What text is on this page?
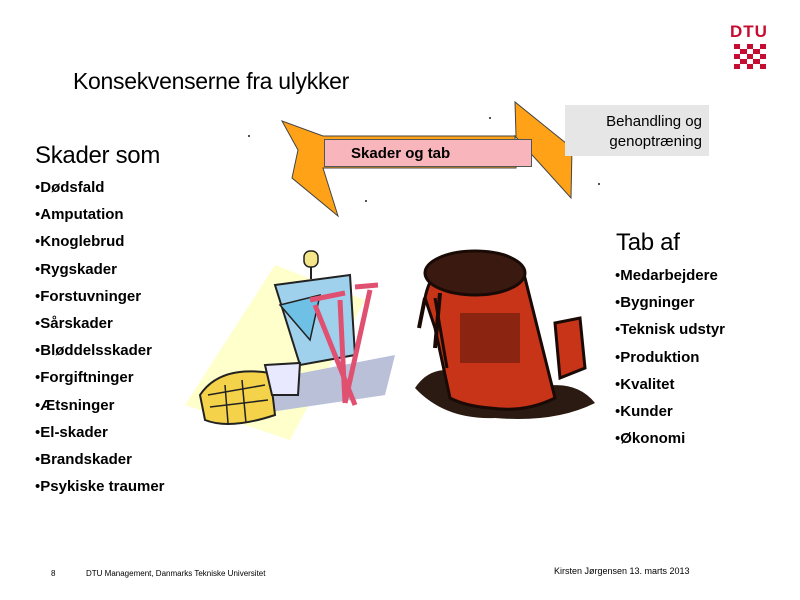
DTU
Konsekvenserne fra ulykker
Skader og tab
Behandling og
genoptræning
Skader som
• Dødsfald
• Amputation
• Knoglebrud
• Rygskader
• Forstuvninger
• Sårskader
• Bløddelsskader
• Forgiftninger
• Ætsninger
• El-skader
• Brandskader
• Psykiske traumer
Tab af
• Medarbejdere
• Bygninger
• Teknisk udstyr
• Produktion
• Kvalitet
• Kunder
• Økonomi
8	DTU Management, Danmarks Tekniske Universitet	Kirsten Jørgensen 13. marts 2013
